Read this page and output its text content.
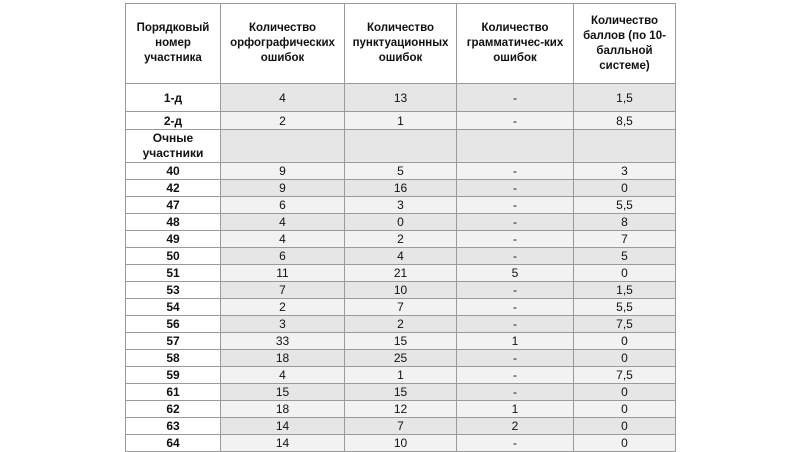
Порядковый номер участника	Количество орфографических ошибок	Количество пунктуационных ошибок	Количество грамматичес-ких ошибок	Количество баллов (по 10-балльной системе)
1-д	4	13	-	1,5
2-д	2	1	-	8,5
Очные участники				
40	9	5	-	3
42	9	16	-	0
47	6	3	-	5,5
48	4	0	-	8
49	4	2	-	7
50	6	4	-	5
51	11	21	5	0
53	7	10	-	1,5
54	2	7	-	5,5
56	3	2	-	7,5
57	33	15	1	0
58	18	25	-	0
59	4	1	-	7,5
61	15	15	-	0
62	18	12	1	0
63	14	7	2	0
64	14	10	-	0
